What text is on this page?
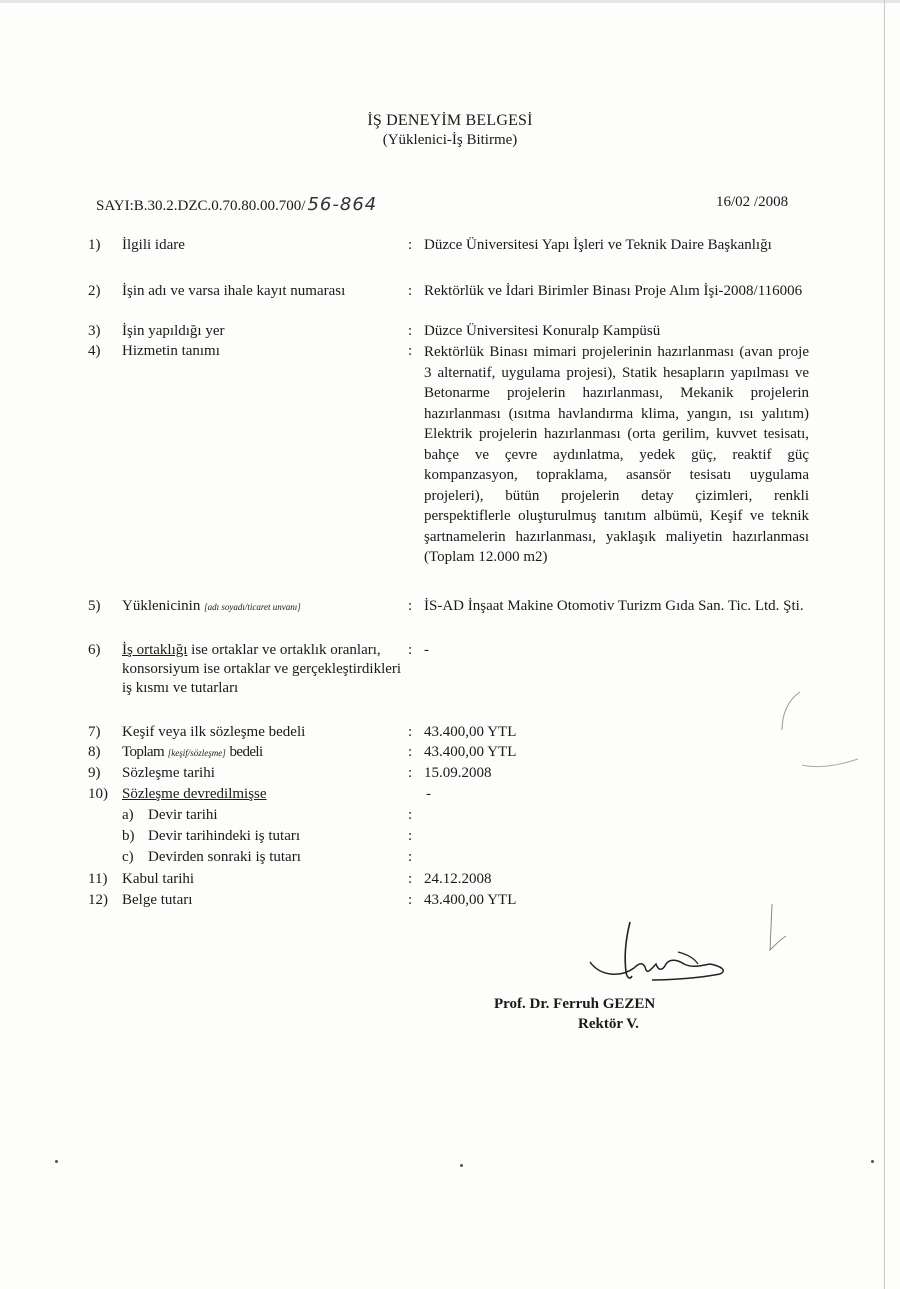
İŞ DENEYİM BELGESİ
(Yüklenici-İş Bitirme)
SAYI:B.30.2.DZC.0.70.80.00.700/ 56-864	16/02 /2008
1)	İlgili idare	: Düzce Üniversitesi Yapı İşleri ve Teknik Daire Başkanlığı
2)	İşin adı ve varsa ihale kayıt numarası	: Rektörlük ve İdari Birimler Binası Proje Alım İşi-2008/116006
3)	İşin yapıldığı yer	: Düzce Üniversitesi Konuralp Kampüsü
4)	Hizmetin tanımı	: Rektörlük Binası mimari projelerinin hazırlanması (avan proje 3 alternatif, uygulama projesi), Statik hesapların yapılması ve Betonarme projelerin hazırlanması, Mekanik projelerin hazırlanması (ısıtma havlandırma klima, yangın, ısı yalıtım) Elektrik projelerin hazırlanması (orta gerilim, kuvvet tesisatı, bahçe ve çevre aydınlatma, yedek güç, reaktif güç kompanzasyon, topraklama, asansör tesisatı uygulama projeleri), bütün projelerin detay çizimleri, renkli perspektiflerle oluşturulmuş tanıtım albümü, Keşif ve teknik şartnamelerin hazırlanması, yaklaşık maliyetin hazırlanması (Toplam 12.000 m2)
5)	Yüklenicinin [adı soyadı/ticaret unvanı]	: İS-AD İnşaat Makine Otomotiv Turizm Gıda San. Tic. Ltd. Şti.
6)	İş ortaklığı ise ortaklar ve ortaklık oranları, konsorsiyum ise ortaklar ve gerçekleştirdikleri iş kısmı ve tutarları
: -
7)	Keşif veya ilk sözleşme bedeli	: 43.400,00 YTL
8)	Toplam [keşif/sözleşme] bedeli	: 43.400,00 YTL
9)	Sözleşme tarihi	: 15.09.2008
10) Sözleşme devredilmişse	-
a) Devir tarihi	:
b) Devir tarihindeki iş tutarı	:
c) Devirden sonraki iş tutarı	:
11) Kabul tarihi	: 24.12.2008
12) Belge tutarı	: 43.400,00 YTL
Prof. Dr. Ferruh GEZEN
Rektör V.
